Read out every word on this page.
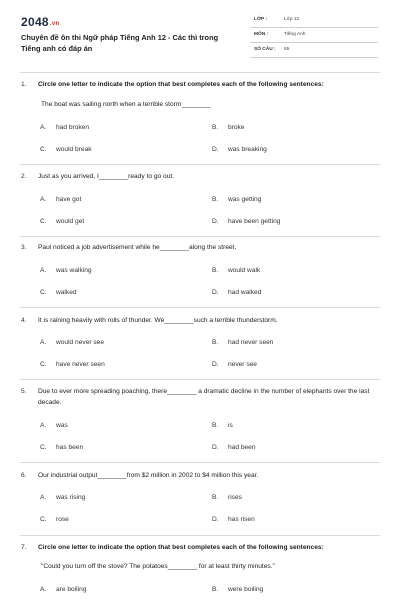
2048.vn
Chuyên đề ôn thi Ngữ pháp Tiếng Anh 12 - Các thì trong Tiếng anh có đáp án
LỚP :	Lớp 12
MÔN :	Tiếng Anh
SỐ CÂU : 65
1. Circle one letter to indicate the option that best completes each of the following sentences:
The boat was sailing north when a terrible storm________
A. had broken	B. broke
C. would break	D. was breaking
2. Just as you arrived, I________ready to go out.
A. have got	B. was getting
C. would get	D. have been getting
3. Paul noticed a job advertisement while he________along the street.
A. was walking	B. would walk
C. walked	D. had walked
4. It is raining heavily with rolls of thunder. We________such a terrible thunderstorm.
A. would never see	B. had never seen
C. have never seen	D. never see
5. Due to ever more spreading poaching, there________ a dramatic decline in the number of elephants over the last decade.
A. was	B. is
C. has been	D. had been
6. Our industrial output________from $2 million in 2002 to $4 million this year.
A. was rising	B. rises
C. rose	D. has risen
7. Circle one letter to indicate the option that best completes each of the following sentences:
"Could you turn off the stove? The potatoes________ for at least thirty minutes."
A. are boiling	B. were boiling
